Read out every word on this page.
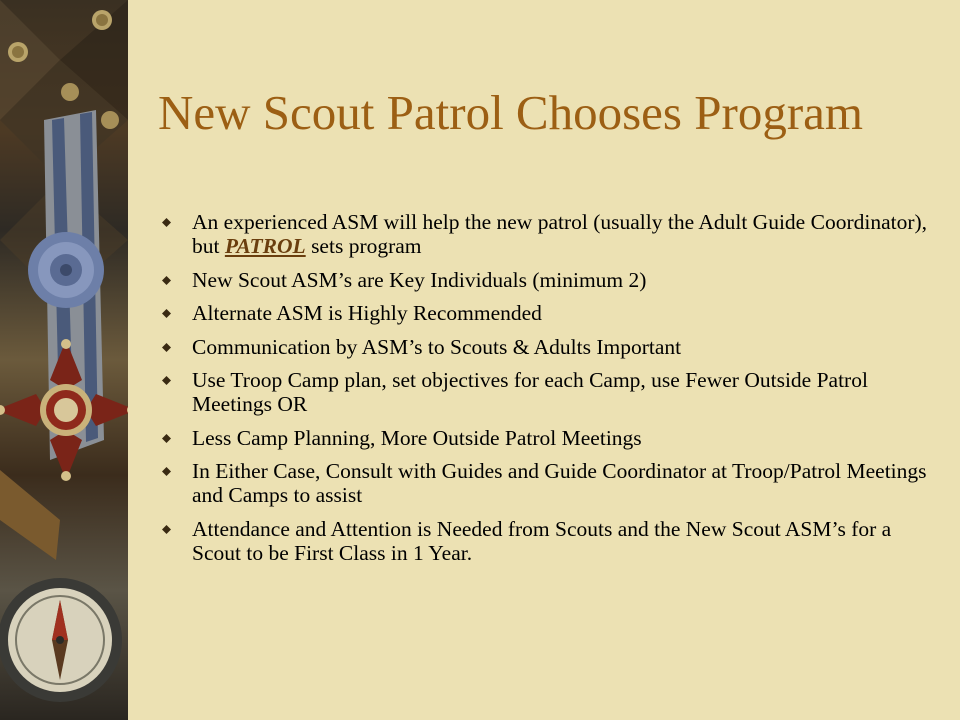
New Scout Patrol Chooses Program
An experienced ASM will help the new patrol (usually the Adult Guide Coordinator), but PATROL sets program
New Scout ASM’s are Key Individuals (minimum 2)
Alternate ASM is Highly Recommended
Communication by ASM’s to Scouts & Adults Important
Use Troop Camp plan, set objectives for each Camp, use Fewer Outside Patrol Meetings OR
Less Camp Planning, More Outside Patrol Meetings
In Either Case, Consult with Guides and Guide Coordinator at Troop/Patrol Meetings and Camps to assist
Attendance and Attention is Needed from Scouts and the New Scout ASM’s for a Scout to be First Class in 1 Year.
